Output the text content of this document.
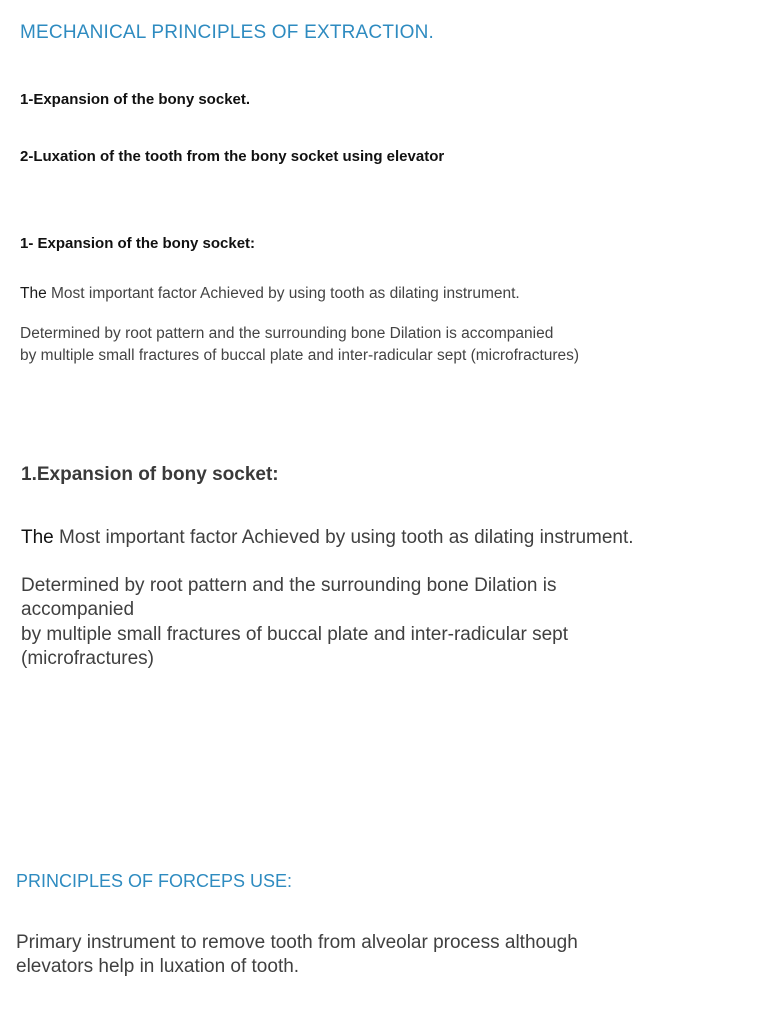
MECHANICAL PRINCIPLES OF EXTRACTION.

1-Expansion of the bony socket.

2-Luxation of the tooth from the bony socket using elevator

1- Expansion of the bony socket:

The Most important factor Achieved by using tooth as dilating instrument.

Determined by root pattern and the surrounding bone Dilation is accompanied

by multiple small fractures of buccal plate and inter-radicular sept (microfractures)

1.Expansion of bony socket:

The Most important factor Achieved by using tooth as dilating instrument.

Determined by root pattern and the surrounding bone Dilation is

accompanied

by multiple small fractures of buccal plate and inter-radicular sept

(microfractures)

PRINCIPLES OF FORCEPS USE:

Primary instrument to remove tooth from alveolar process although

elevators help in luxation of tooth.
